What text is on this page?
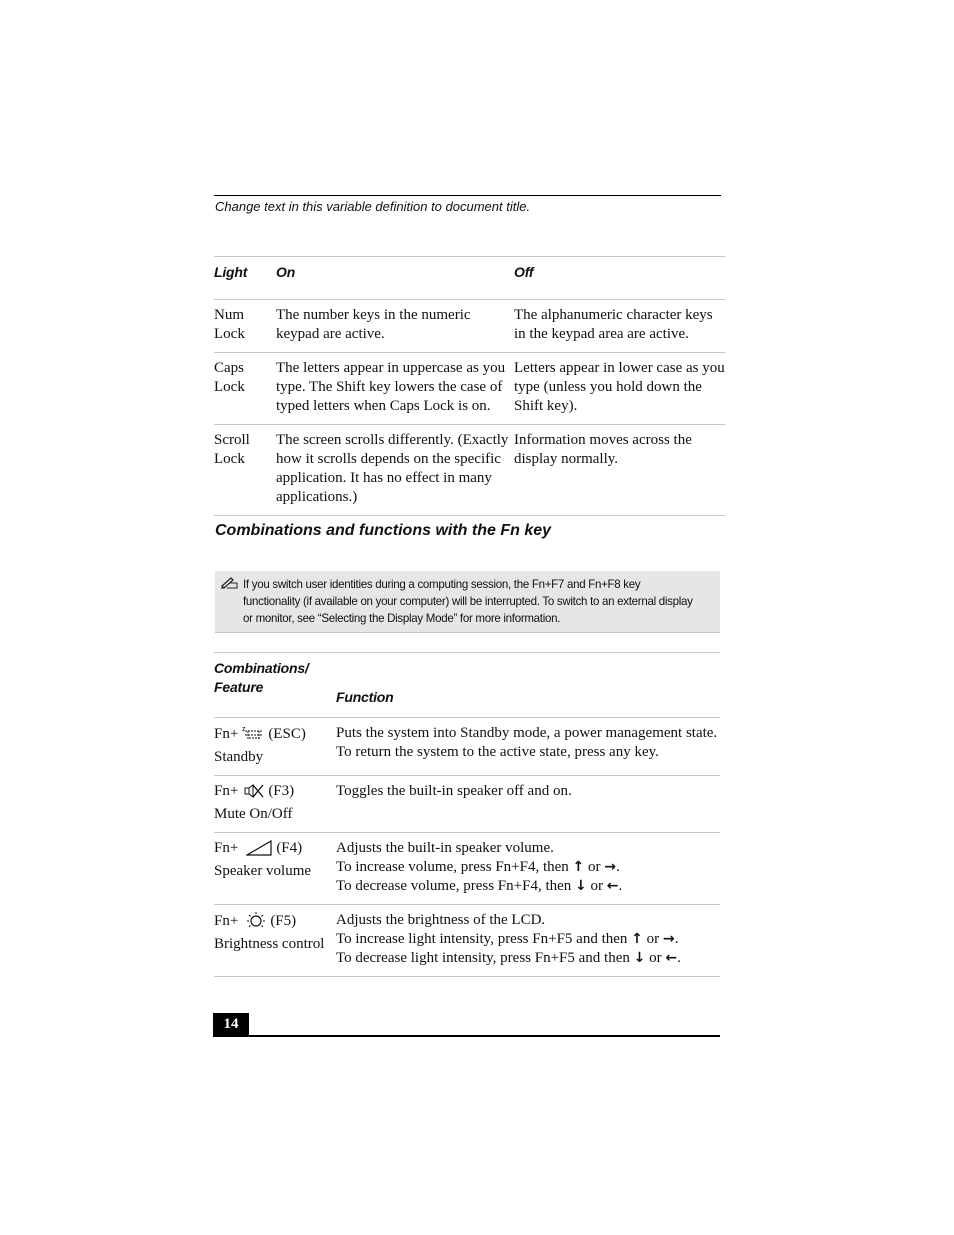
Change text in this variable definition to document title.
Light	On	Off
Num
Lock	The number keys in the numeric keypad are active.	The alphanumeric character keys in the keypad area are active.
Caps
Lock	The letters appear in uppercase as you type. The Shift key lowers the case of typed letters when Caps Lock is on.	Letters appear in lower case as you type (unless you hold down the Shift key).
Scroll
Lock	The screen scrolls differently. (Exactly how it scrolls depends on the specific application. It has no effect in many applications.)	Information moves across the display normally.
Combinations and functions with the Fn key
If you switch user identities during a computing session, the Fn+F7 and Fn+F8 key functionality (if available on your computer) will be interrupted. To switch to an external display or monitor, see “Selecting the Display Mode” for more information.
Combinations/
Feature	Function
Fn+ z (ESC)
Standby	Puts the system into Standby mode, a power management state. To return the system to the active state, press any key.
Fn+ (F3)
Mute On/Off	Toggles the built-in speaker off and on.
Fn+ (F4)
Speaker volume	Adjusts the built-in speaker volume.
To increase volume, press Fn+F4, then ↑ or →.
To decrease volume, press Fn+F4, then ↓ or ←.
Fn+ (F5)
Brightness control	Adjusts the brightness of the LCD.
To increase light intensity, press Fn+F5 and then ↑ or →.
To decrease light intensity, press Fn+F5 and then ↓ or ←.
14
